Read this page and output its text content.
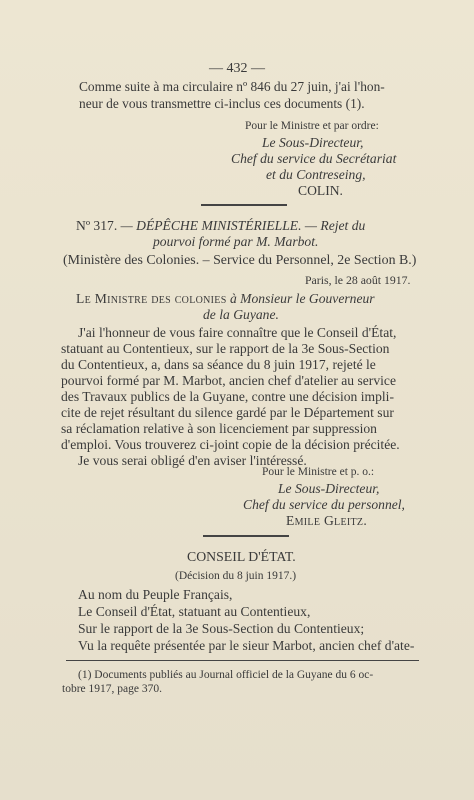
— 432 —
Comme suite à ma circulaire nº 846 du 27 juin, j'ai l'hon-
neur de vous transmettre ci-inclus ces documents (1).
Pour le Ministre et par ordre:
Le Sous-Directeur,
Chef du service du Secrétariat
et du Contreseing,
COLIN.
Nº 317. — DÉPÊCHE MINISTÉRIELLE. — Rejet du
pourvoi formé par M. Marbot.
(Ministère des Colonies. – Service du Personnel, 2e Section B.)
Paris, le 28 août 1917.
Le Ministre des colonies à Monsieur le Gouverneur
de la Guyane.
J'ai l'honneur de vous faire connaître que le Conseil d'État,
statuant au Contentieux, sur le rapport de la 3e Sous-Section
du Contentieux, a, dans sa séance du 8 juin 1917, rejeté le
pourvoi formé par M. Marbot, ancien chef d'atelier au service
des Travaux publics de la Guyane, contre une décision impli-
cite de rejet résultant du silence gardé par le Département sur
sa réclamation relative à son licenciement par suppression
d'emploi. Vous trouverez ci-joint copie de la décision précitée.
Je vous serai obligé d'en aviser l'intéressé.
Pour le Ministre et p. o.:
Le Sous-Directeur,
Chef du service du personnel,
Emile Gleitz.
CONSEIL D'ÉTAT.
(Décision du 8 juin 1917.)
Au nom du Peuple Français,
Le Conseil d'État, statuant au Contentieux,
Sur le rapport de la 3e Sous-Section du Contentieux;
Vu la requête présentée par le sieur Marbot, ancien chef d'ate-
(1) Documents publiés au Journal officiel de la Guyane du 6 oc-
tobre 1917, page 370.
